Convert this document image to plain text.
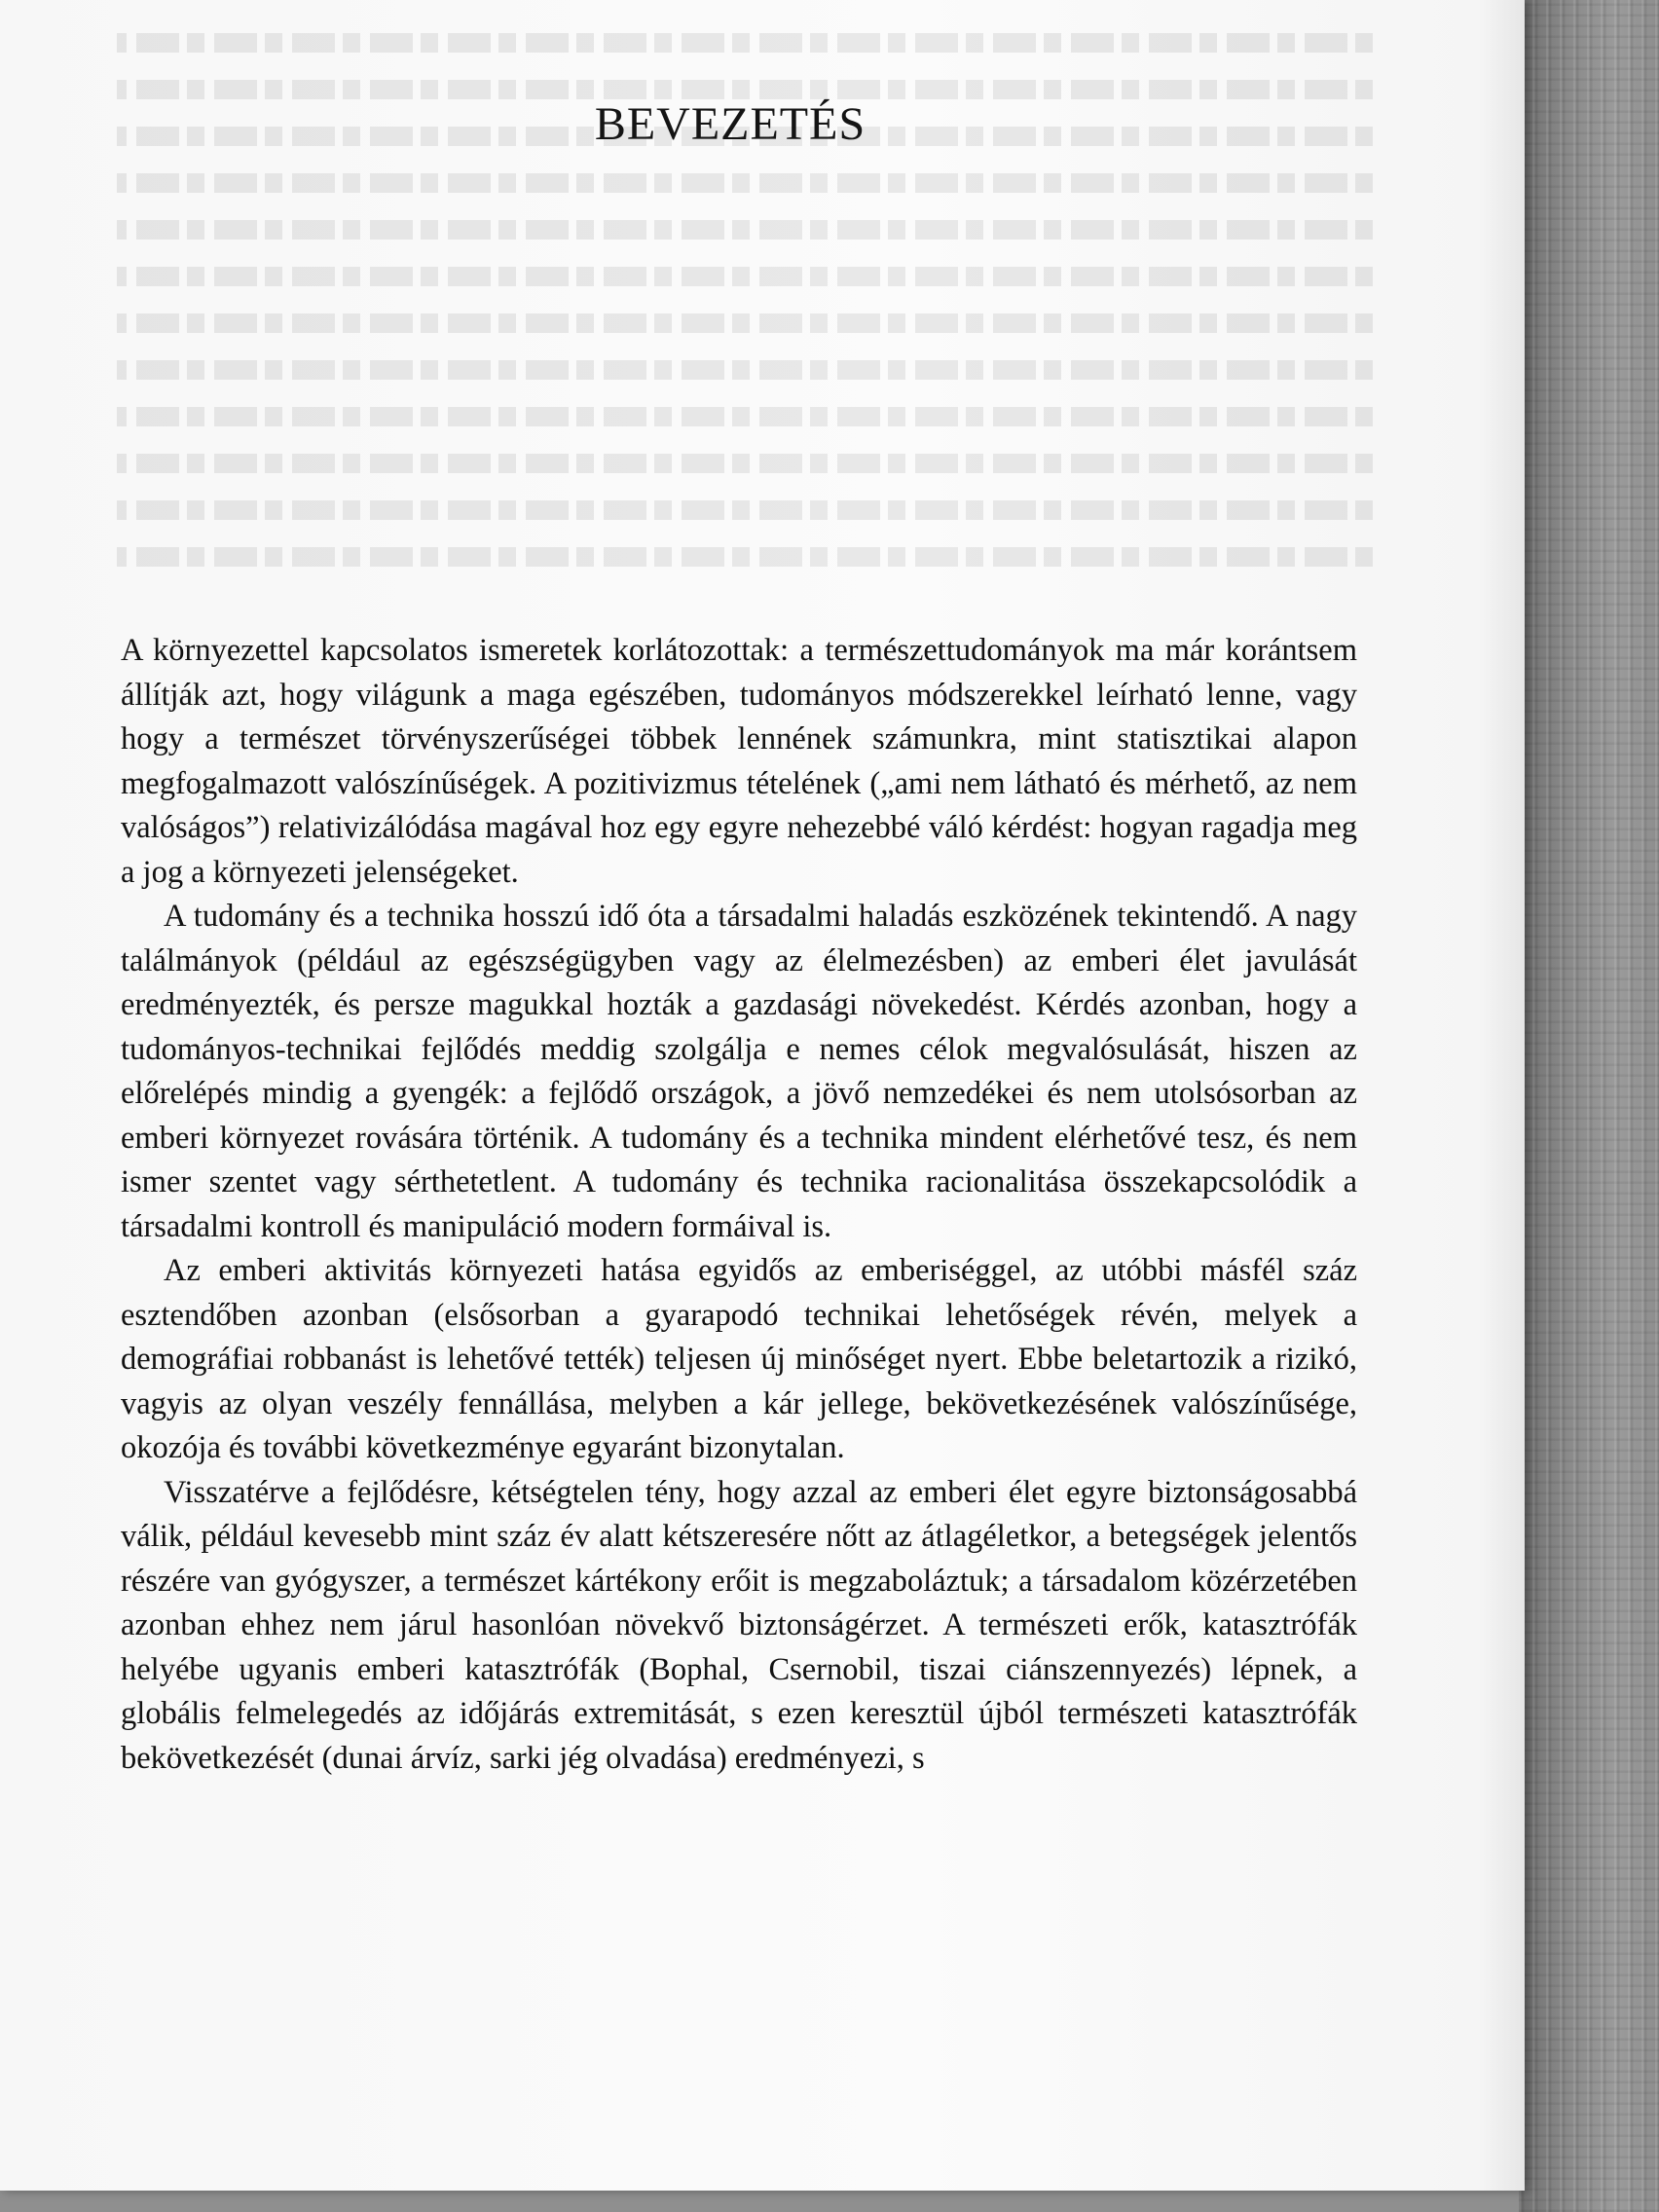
BEVEZETÉS

A környezettel kapcsolatos ismeretek korlátozottak: a természettudományok ma már korántsem állítják azt, hogy világunk a maga egészében, tudományos módszerekkel leírható lenne, vagy hogy a természet törvényszerűségei többek lennének számunkra, mint statisztikai alapon megfogalmazott valószínűségek. A pozitivizmus tételének („ami nem látható és mérhető, az nem valóságos”) relativizálódása magával hoz egy egyre nehezebbé váló kérdést: hogyan ragadja meg a jog a környezeti jelenségeket.

A tudomány és a technika hosszú idő óta a társadalmi haladás eszközének tekintendő. A nagy találmányok (például az egészségügyben vagy az élelmezésben) az emberi élet javulását eredményezték, és persze magukkal hozták a gazdasági növekedést. Kérdés azonban, hogy a tudományos-technikai fejlődés meddig szolgálja e nemes célok megvalósulását, hiszen az előrelépés mindig a gyengék: a fejlődő országok, a jövő nemzedékei és nem utolsósorban az emberi környezet rovására történik. A tudomány és a technika mindent elérhetővé tesz, és nem ismer szentet vagy sérthetetlent. A tudomány és technika racionalitása összekapcsolódik a társadalmi kontroll és manipuláció modern formáival is.

Az emberi aktivitás környezeti hatása egyidős az emberiséggel, az utóbbi másfél száz esztendőben azonban (elsősorban a gyarapodó technikai lehetőségek révén, melyek a demográfiai robbanást is lehetővé tették) teljesen új minőséget nyert. Ebbe beletartozik a rizikó, vagyis az olyan veszély fennállása, melyben a kár jellege, bekövetkezésének valószínűsége, okozója és további következménye egyaránt bizonytalan.

Visszatérve a fejlődésre, kétségtelen tény, hogy azzal az emberi élet egyre biztonságosabbá válik, például kevesebb mint száz év alatt kétszeresére nőtt az átlagéletkor, a betegségek jelentős részére van gyógyszer, a természet kártékony erőit is megzaboláztuk; a társadalom közérzetében azonban ehhez nem járul hasonlóan növekvő biztonságérzet. A természeti erők, katasztrófák helyébe ugyanis emberi katasztrófák (Bophal, Csernobil, tiszai ciánszennyezés) lépnek, a globális felmelegedés az időjárás extremitását, s ezen keresztül újból természeti katasztrófák bekövetkezését (dunai árvíz, sarki jég olvadása) eredményezi, s
